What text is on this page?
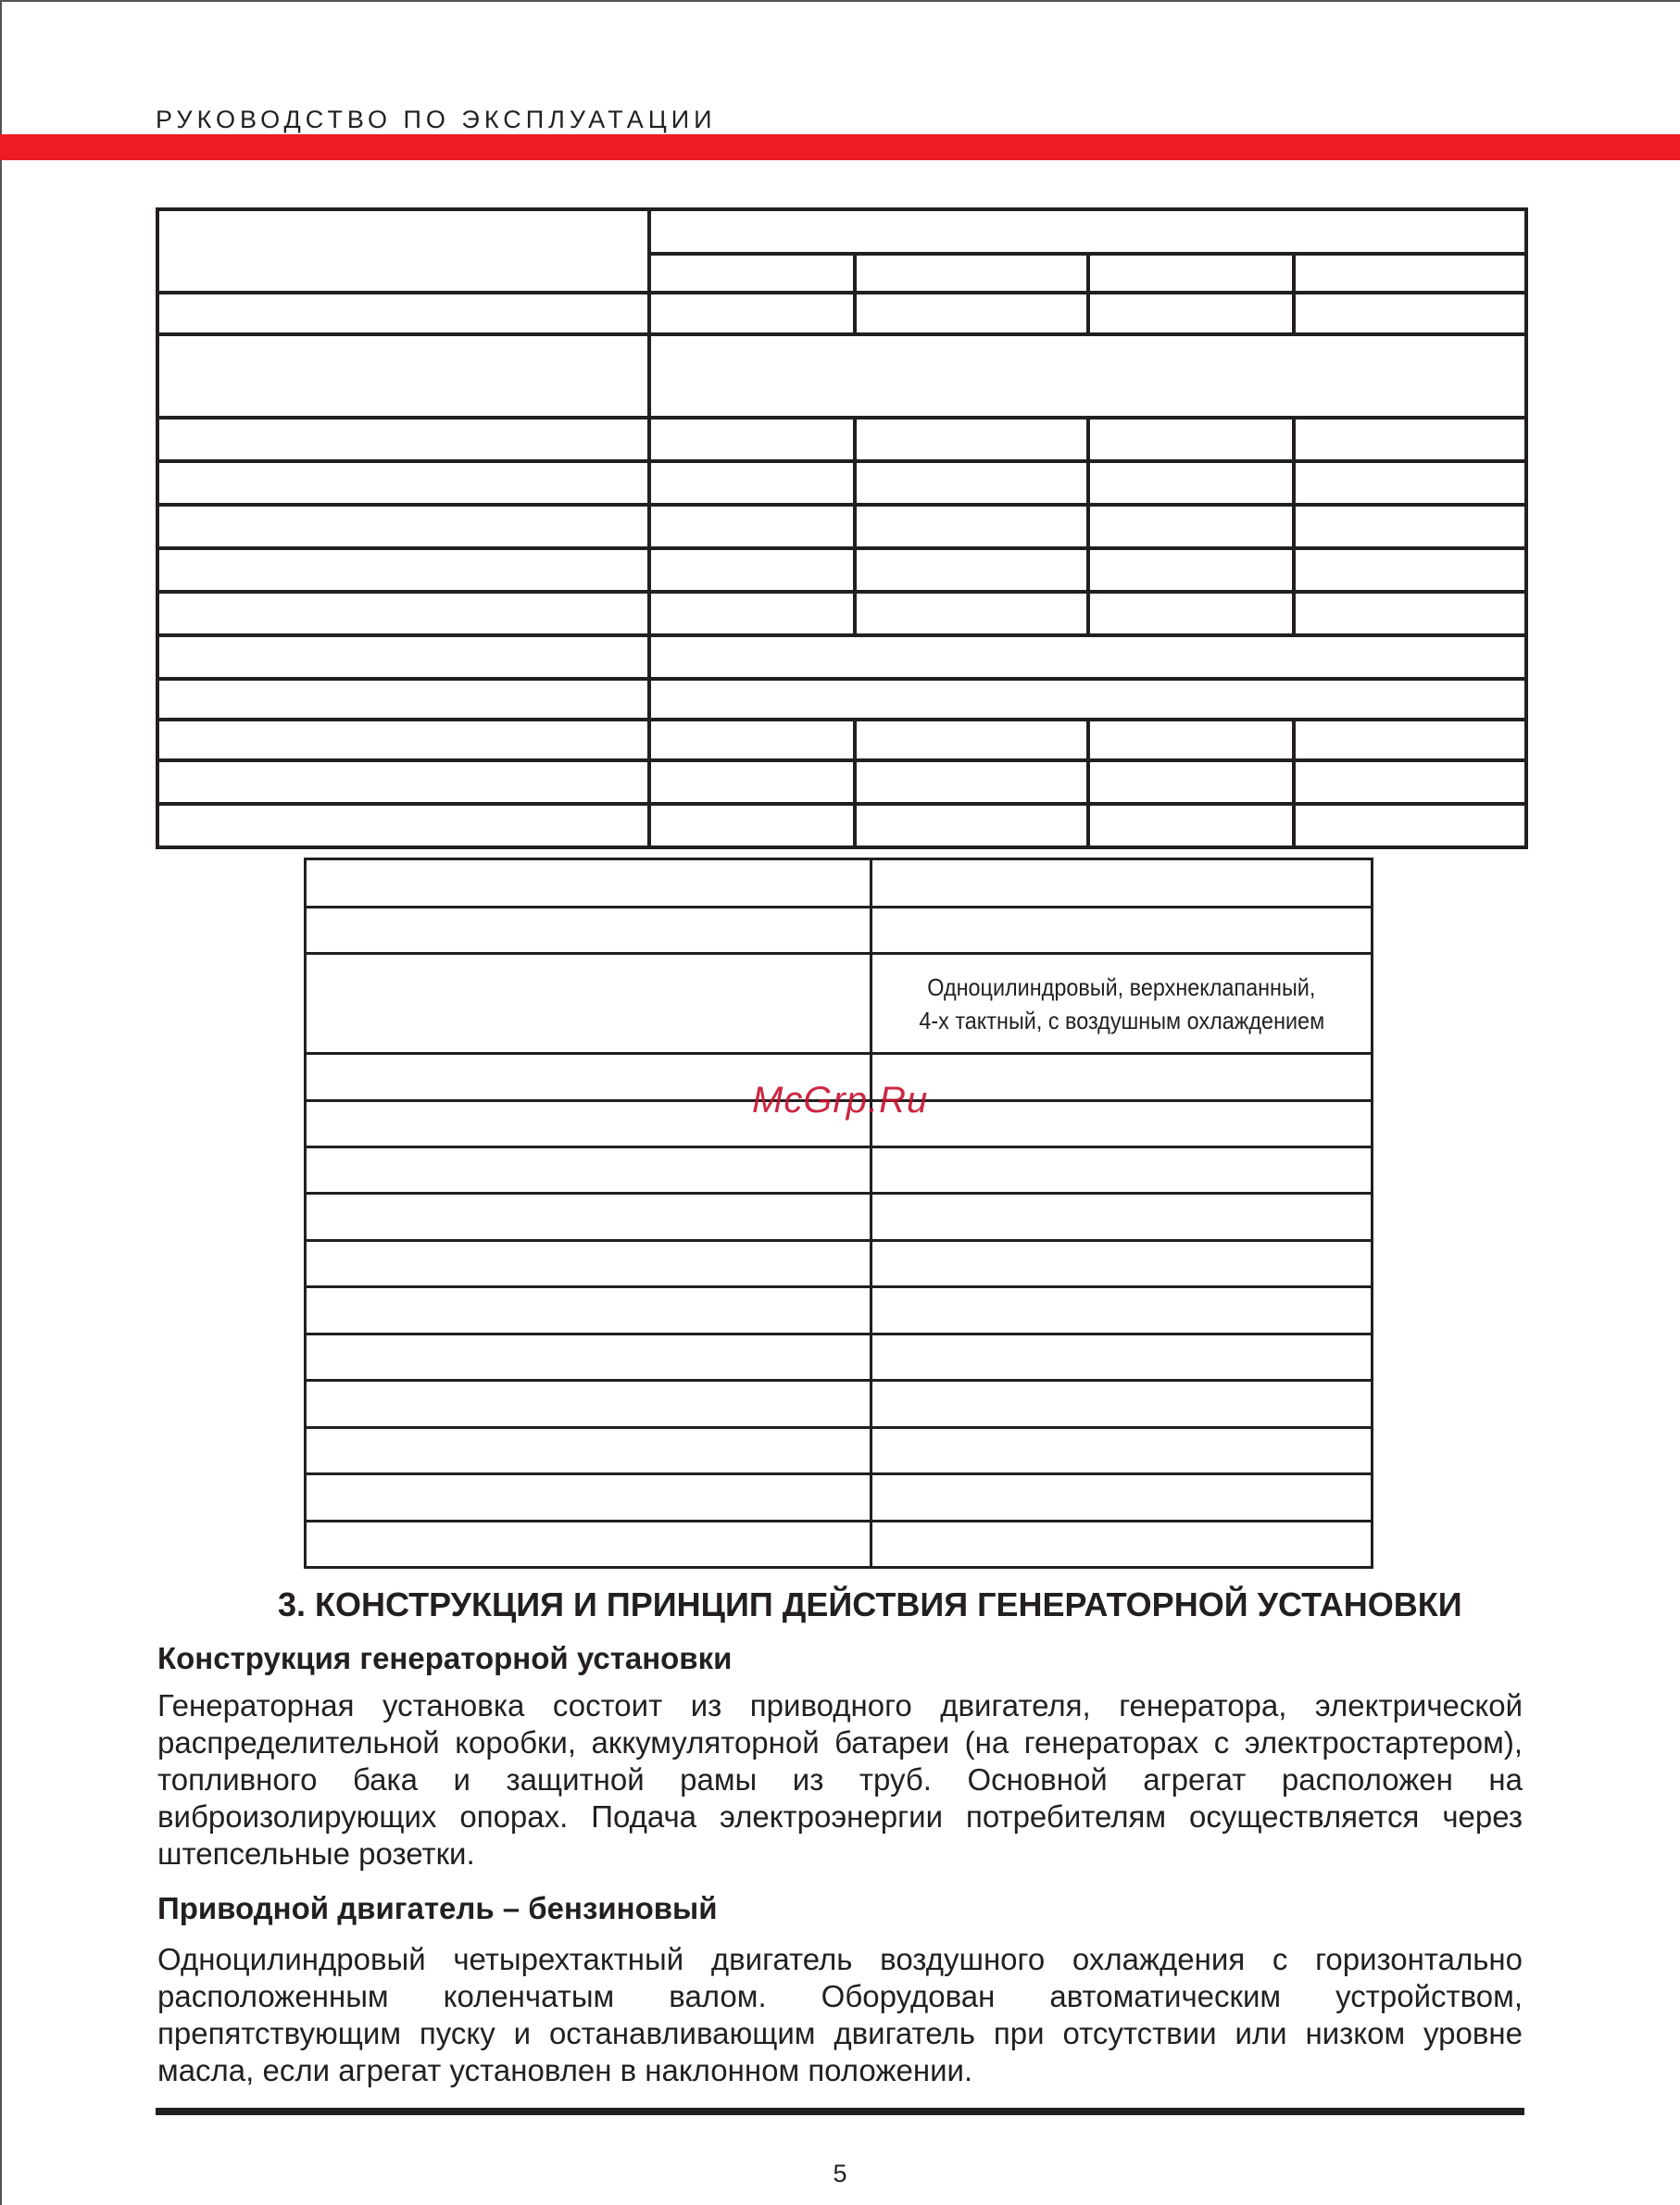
РУКОВОДСТВО ПО ЭКСПЛУАТАЦИИ

	Одноцилиндровый, верхнеклапанный,
4-х тактный, с воздушным охлаждением

McGrp.Ru
3. КОНСТРУКЦИЯ И ПРИНЦИП ДЕЙСТВИЯ ГЕНЕРАТОРНОЙ УСТАНОВКИ
Конструкция генераторной установки
Генераторная установка состоит из приводного двигателя, генератора, электрической распределительной коробки, аккумуляторной батареи (на генераторах с электростартером), топливного бака и защитной рамы из труб. Основной агрегат расположен на виброизолирующих опорах. Подача электроэнергии потребителям осуществляется через штепсельные розетки.
Приводной двигатель – бензиновый
Одноцилиндровый четырехтактный двигатель воздушного охлаждения с горизонтально расположенным коленчатым валом. Оборудован автоматическим устройством, препятствующим пуску и останавливающим двигатель при отсутствии или низком уровне масла, если агрегат установлен в наклонном положении.
5
